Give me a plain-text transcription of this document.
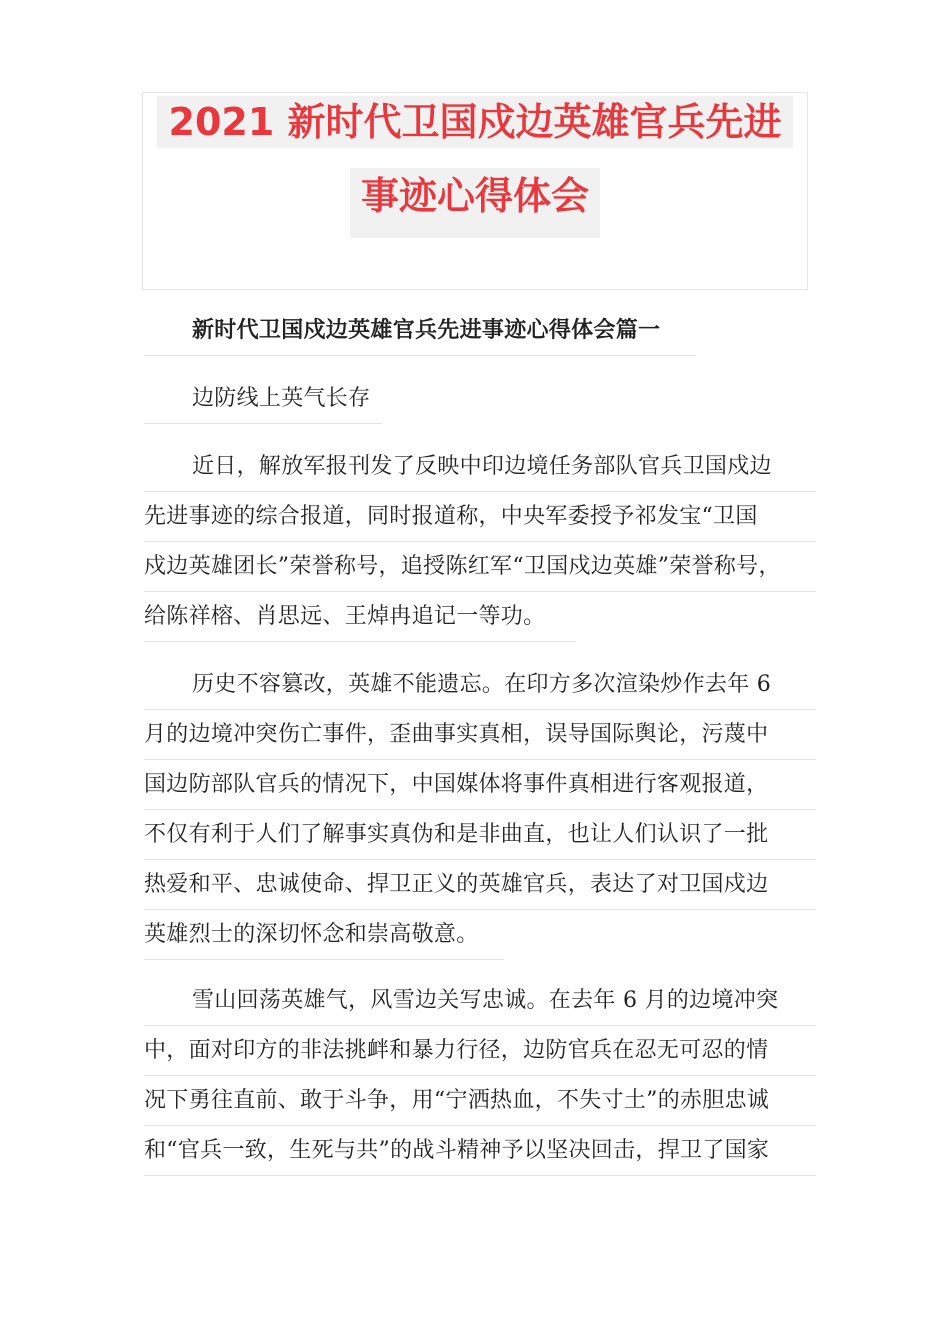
2021 新时代卫国戍边英雄官兵先进
事迹心得体会
新时代卫国戍边英雄官兵先进事迹心得体会篇一
边防线上英气长存
近日，解放军报刊发了反映中印边境任务部队官兵卫国戍边
先进事迹的综合报道，同时报道称，中央军委授予祁发宝“卫国
戍边英雄团长”荣誉称号，追授陈红军“卫国戍边英雄”荣誉称号，
给陈祥榕、肖思远、王焯冉追记一等功。
历史不容篡改，英雄不能遗忘。在印方多次渲染炒作去年 6
月的边境冲突伤亡事件，歪曲事实真相，误导国际舆论，污蔑中
国边防部队官兵的情况下，中国媒体将事件真相进行客观报道，
不仅有利于人们了解事实真伪和是非曲直，也让人们认识了一批
热爱和平、忠诚使命、捍卫正义的英雄官兵，表达了对卫国戍边
英雄烈士的深切怀念和崇高敬意。
雪山回荡英雄气，风雪边关写忠诚。在去年 6 月的边境冲突
中，面对印方的非法挑衅和暴力行径，边防官兵在忍无可忍的情
况下勇往直前、敢于斗争，用“宁洒热血，不失寸土”的赤胆忠诚
和“官兵一致，生死与共”的战斗精神予以坚决回击，捍卫了国家
